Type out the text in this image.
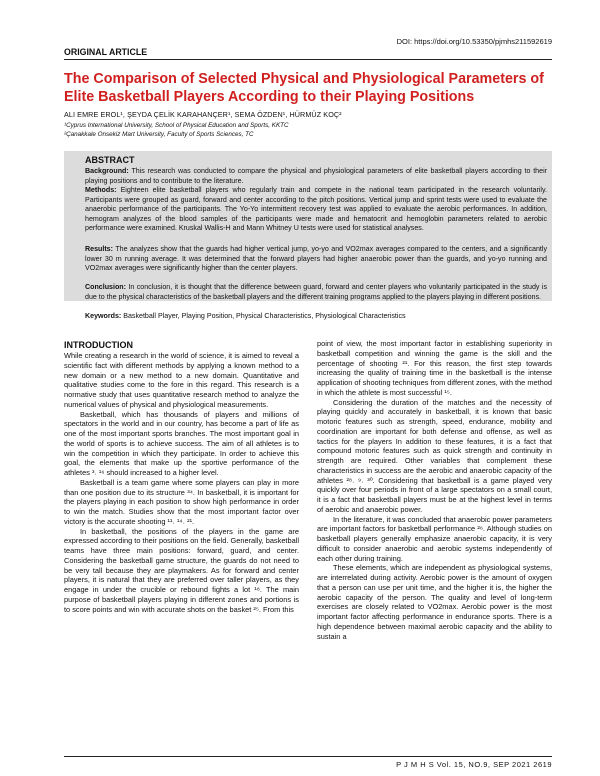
DOI: https://doi.org/10.53350/pjmhs211592619
ORIGINAL ARTICLE
The Comparison of Selected Physical and Physiological Parameters of Elite Basketball Players According to their Playing Positions
ALI EMRE EROL¹, ŞEYDA ÇELİK KARAHANÇER¹, SEMA ÖZDEN¹, HÜRMÜZ KOÇ²
¹Cyprus International University, School of Physical Education and Sports, KKTC
²Çanakkale Onsekiz Mart University, Faculty of Sports Sciences, TC
ABSTRACT
Background: This research was conducted to compare the physical and physiological parameters of elite basketball players according to their playing positions and to contribute to the literature.
Methods: Eighteen elite basketball players who regularly train and compete in the national team participated in the research voluntarily. Participants were grouped as guard, forward and center according to the pitch positions. Vertical jump and sprint tests were used to evaluate the anaerobic performance of the participants. The Yo-Yo intermittent recovery test was applied to evaluate the aerobic performances. In addition, hemogram analyzes of the blood samples of the participants were made and hematocrit and hemoglobin parameters related to aerobic performance were examined. Kruskal Wallis-H and Mann Whitney U tests were used for statistical analyses.
Results: The analyzes show that the guards had higher vertical jump, yo-yo and VO2max averages compared to the centers, and a significantly lower 30 m running average. It was determined that the forward players had higher anaerobic power than the guards, and yo-yo running and VO2max averages were significantly higher than the center players.
Conclusion: In conclusion, it is thought that the difference between guard, forward and center players who voluntarily participated in the study is due to the physical characteristics of the basketball players and the different training programs applied to the players playing in different positions.
Keywords: Basketball Player, Playing Position, Physical Characteristics, Physiological Characteristics
INTRODUCTION

While creating a research in the world of science, it is aimed to reveal a scientific fact with different methods by applying a known method to a new domain or a new method to a new domain. Quantitative and qualitative studies come to the fore in this regard. This research is a normative study that uses quantitative research method to analyze the numerical values of physical and physiological measurements.

Basketball, which has thousands of players and millions of spectators in the world and in our country, has become a part of life as one of the most important sports branches. The most important goal in the world of sports is to achieve success. The aim of all athletes is to win the competition in which they participate. In order to achieve this goal, the elements that make up the sportive performance of the athletes ³˒ ¹⁶ should increased to a higher level.

Basketball is a team game where some players can play in more than one position due to its structure ³⁴. In basketball, it is important for the players playing in each position to show high performance in order to win the match. Studies show that the most important factor over victory is the accurate shooting ¹¹˒ ¹⁴˒ ²¹.

In basketball, the positions of the players in the game are expressed according to their positions on the field. Generally, basketball teams have three main positions: forward, guard, and center. Considering the basketball game structure, the guards do not need to be very tall because they are playmakers. As for forward and center players, it is natural that they are preferred over taller players, as they engage in under the crucible or rebound fights a lot ¹⁸. The main purpose of basketball players playing in different zones and portions is to score points and win with accurate shots on the basket ²⁵. From this

point of view, the most important factor in establishing superiority in basketball competition and winning the game is the skill and the percentage of shooting ²¹. For this reason, the first step towards increasing the quality of training time in the basketball is the intense application of shooting techniques from different zones, with the method in which the athlete is most successful ¹⁵.

Considering the duration of the matches and the necessity of playing quickly and accurately in basketball, it is known that basic motoric features such as strength, speed, endurance, mobility and coordination are important for both defense and offense, as well as tactics for the players In addition to these features, it is a fact that compound motoric features such as quick strength and continuity in strength are required. Other variables that complement these characteristics in success are the aerobic and anaerobic capacity of the athletes ²⁸˒ ⁹˒ ³⁰. Considering that basketball is a game played very quickly over four periods in front of a large spectators on a small court, it is a fact that basketball players must be at the highest level in terms of aerobic and anaerobic power.

In the literature, it was concluded that anaerobic power parameters are important factors for basketball performance ²⁶. Although studies on basketball players generally emphasize anaerobic capacity, it is very difficult to consider anaerobic and aerobic systems independently of each other during training.

These elements, which are independent as physiological systems, are interrelated during activity. Aerobic power is the amount of oxygen that a person can use per unit time, and the higher it is, the higher the aerobic capacity of the person. The quality and level of long-term exercises are closely related to VO2max. Aerobic power is the most important factor affecting performance in endurance sports. There is a high dependence between maximal aerobic capacity and the ability to sustain a

P J M H S Vol. 15, NO.9, SEP 2021 2619
